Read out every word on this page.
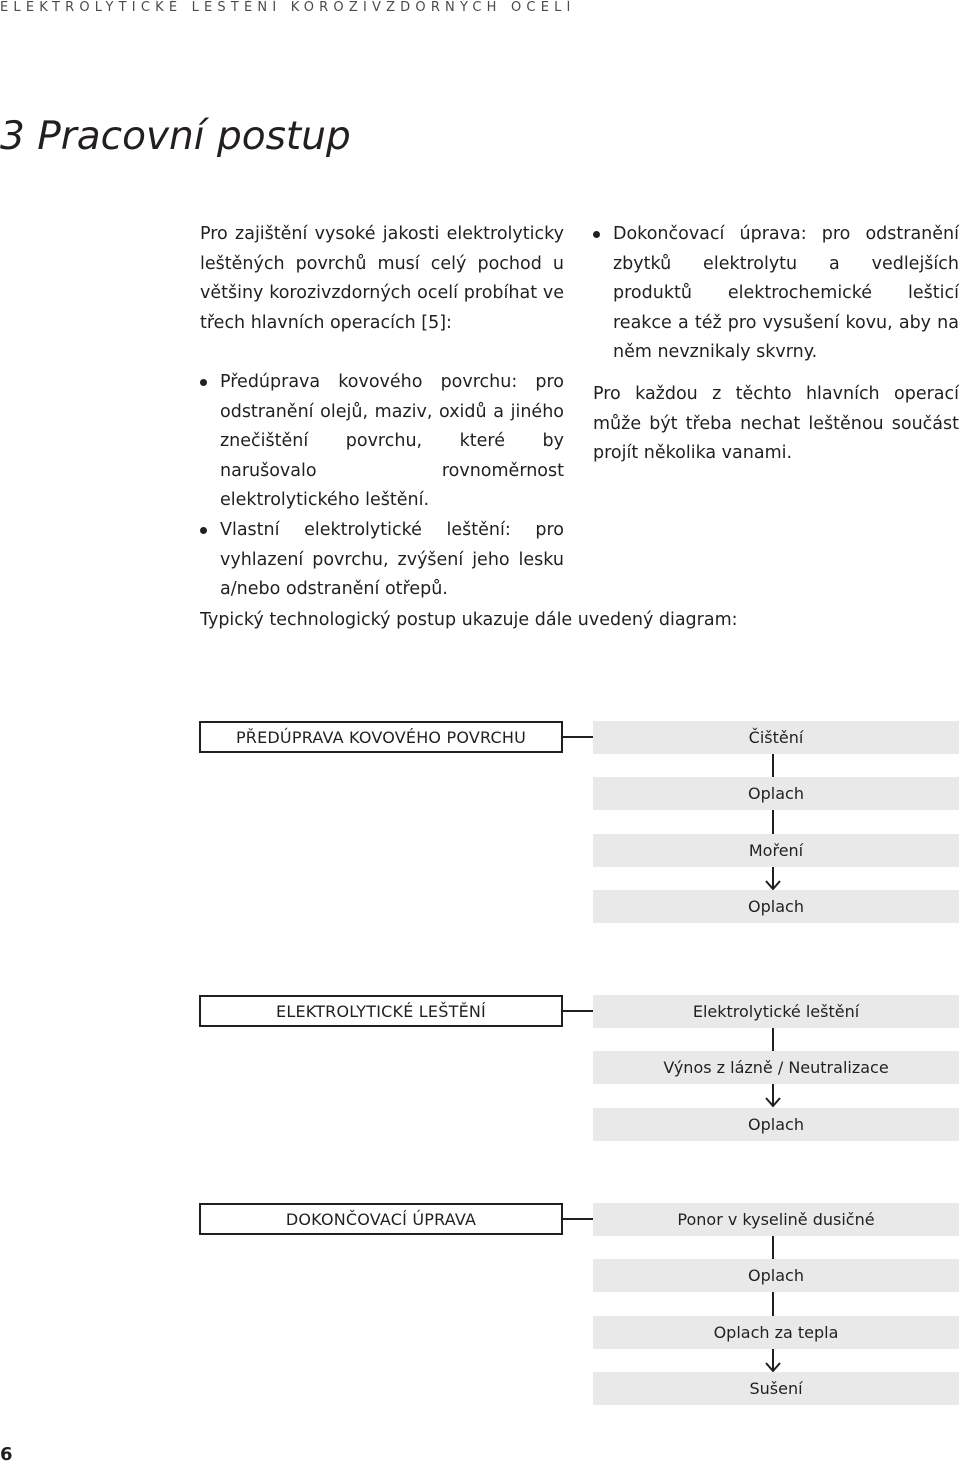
ELEKTROLYTICKÉ LEŠTĚNÍ KOROZIVZDORNÝCH OCELÍ
3 Pracovní postup

Pro zajištění vysoké jakosti elektrolyticky leštěných povrchů musí celý pochod u většiny korozivzdorných ocelí probíhat ve třech hlavních operacích [5]:

Předúprava kovového povrchu: pro odstranění olejů, maziv, oxidů a jiného znečištění povrchu, které by narušovalo rovnoměrnost elektrolytického leštění.
Vlastní elektrolytické leštění: pro vyhlazení povrchu, zvýšení jeho lesku a/nebo odstranění otřepů.
Dokončovací úprava: pro odstranění zbytků elektrolytu a vedlejších produktů elektrochemické lešticí reakce a též pro vysušení kovu, aby na něm nevznikaly skvrny.

Pro každou z těchto hlavních operací může být třeba nechat leštěnou součást projít několika vanami.

Typický technologický postup ukazuje dále uvedený diagram:

PŘEDÚPRAVA KOVOVÉHO POVRCHU	Čištění
Oplach
Moření
Oplach
ELEKTROLYTICKÉ LEŠTĚNÍ	Elektrolytické leštění
Výnos z lázně / Neutralizace
Oplach
DOKONČOVACÍ ÚPRAVA	Ponor v kyselině dusičné
Oplach
Oplach za tepla
Sušení
6
